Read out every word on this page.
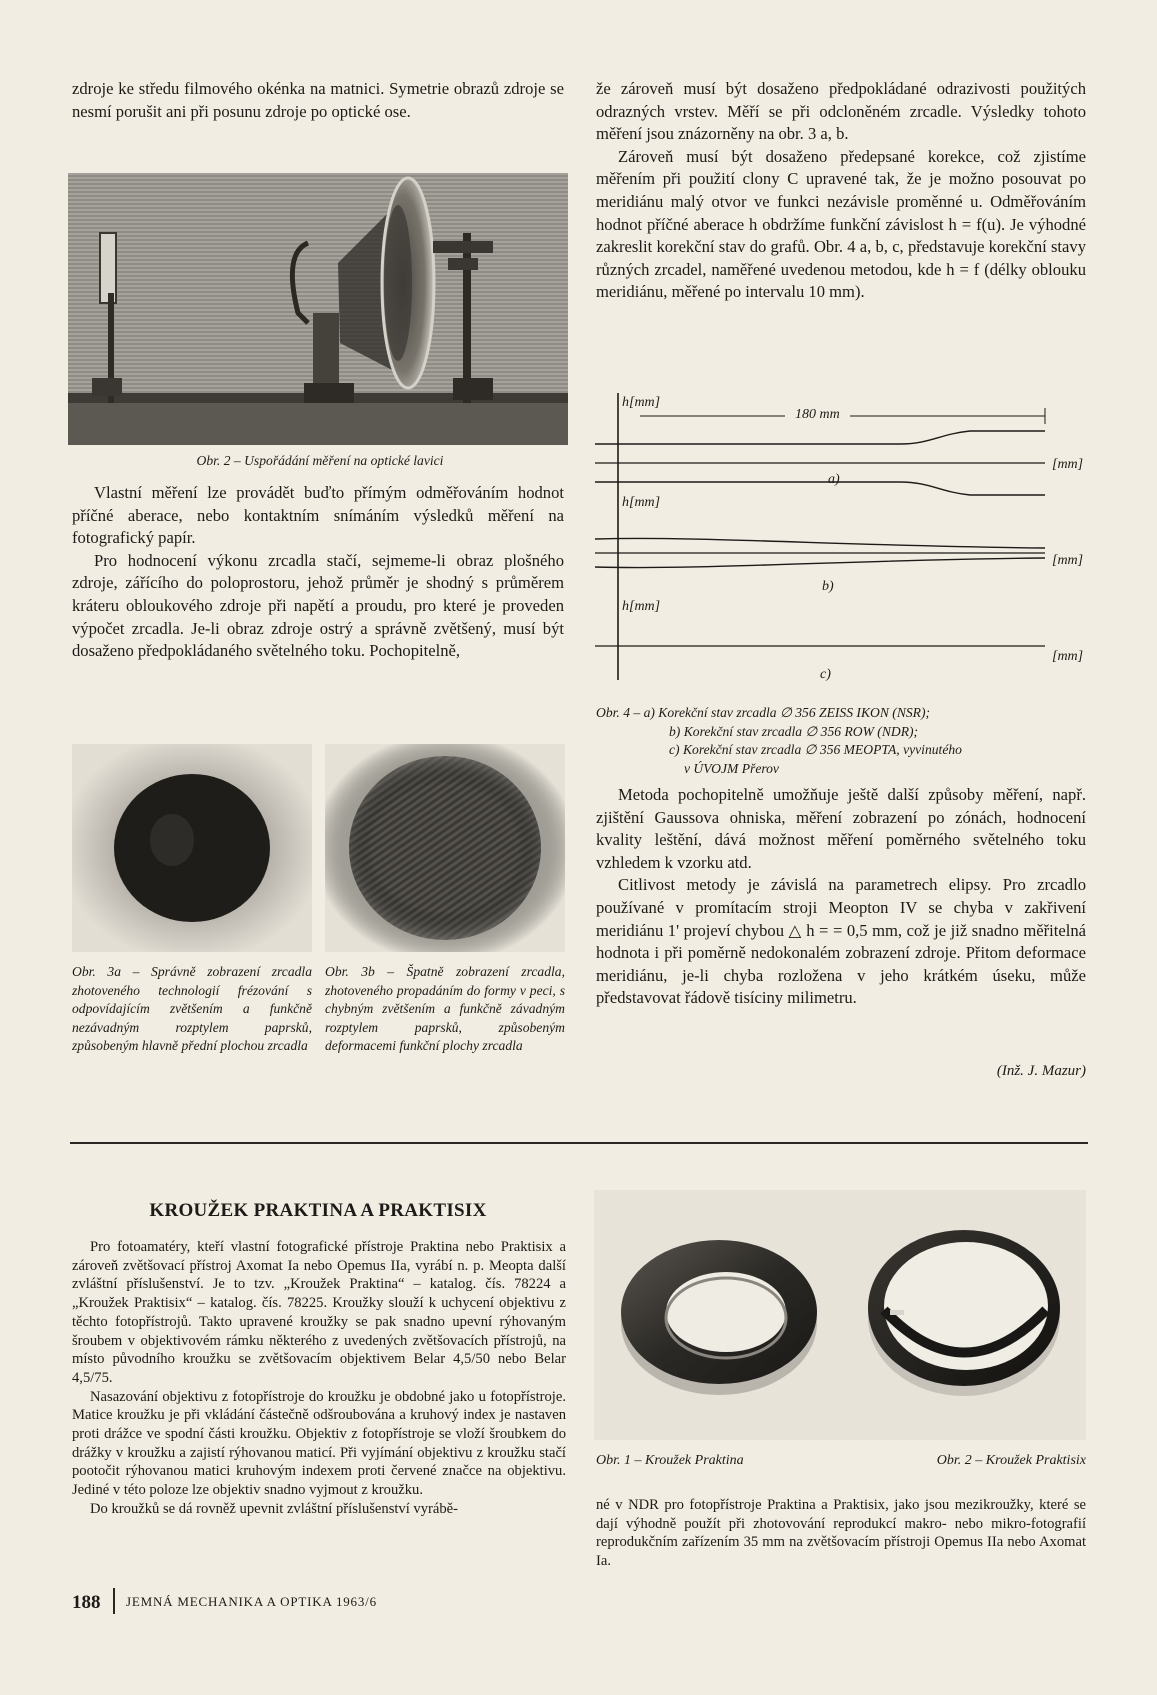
zdroje ke středu filmového okénka na matnici. Symetrie obrazů zdroje se nesmí porušit ani při posunu zdroje po optické ose.

Obr. 2 – Uspořádání měření na optické lavici

Vlastní měření lze provádět buďto přímým odměřováním hodnot příčné aberace, nebo kontaktním snímáním výsledků měření na fotografický papír.

Pro hodnocení výkonu zrcadla stačí, sejmeme-li obraz plošného zdroje, zářícího do poloprostoru, jehož průměr je shodný s průměrem kráteru obloukového zdroje při napětí a proudu, pro které je proveden výpočet zrcadla. Je-li obraz zdroje ostrý a správně zvětšený, musí být dosaženo předpokládaného světelného toku. Pochopitelně,

Obr. 3a – Správně zobrazení zrcadla zhotoveného technologií frézování s odpovídajícím zvětšením a funkčně nezávadným rozptylem paprsků, způsobeným hlavně přední plochou zrcadla
Obr. 3b – Špatně zobrazení zrcadla, zhotoveného propadáním do formy v peci, s chybným zvětšením a funkčně závadným rozptylem paprsků, způsobeným deformacemi funkční plochy zrcadla

že zároveň musí být dosaženo předpokládané odrazivosti použitých odrazných vrstev. Měří se při odcloněném zrcadle. Výsledky tohoto měření jsou znázorněny na obr. 3 a, b.

Zároveň musí být dosaženo předepsané korekce, což zjistíme měřením při použití clony C upravené tak, že je možno posouvat po meridiánu malý otvor ve funkci nezávisle proměnné u. Odměřováním hodnot příčné aberace h obdržíme funkční závislost h = f(u). Je výhodné zakreslit korekční stav do grafů. Obr. 4 a, b, c, představuje korekční stavy různých zrcadel, naměřené uvedenou metodou, kde h = f (délky oblouku meridiánu, měřené po intervalu 10 mm).

h[mm]
180 mm
[mm]
a)
h[mm]
[mm]
b)
h[mm]
[mm]
c)
Obr. 4 – a) Korekční stav zrcadla ∅ 356 ZEISS IKON (NSR);
b) Korekční stav zrcadla ∅ 356 ROW (NDR);
c) Korekční stav zrcadla ∅ 356 MEOPTA, vyvinutého
v ÚVOJM Přerov

Metoda pochopitelně umožňuje ještě další způsoby měření, např. zjištění Gaussova ohniska, měření zobrazení po zónách, hodnocení kvality leštění, dává možnost měření poměrného světelného toku vzhledem k vzorku atd.

Citlivost metody je závislá na parametrech elipsy. Pro zrcadlo používané v promítacím stroji Meopton IV se chyba v zakřivení meridiánu 1' projeví chybou △ h = = 0,5 mm, což je již snadno měřitelná hodnota i při poměrně nedokonalém zobrazení zdroje. Přitom deformace meridiánu, je-li chyba rozložena v jeho krátkém úseku, může představovat řádově tisíciny milimetru.

(Inž. J. Mazur)
KROUŽEK PRAKTINA A PRAKTISIX

Pro fotoamatéry, kteří vlastní fotografické přístroje Praktina nebo Praktisix a zároveň zvětšovací přístroj Axomat Ia nebo Opemus IIa, vyrábí n. p. Meopta další zvláštní příslušenství. Je to tzv. „Kroužek Praktina“ – katalog. čís. 78224 a „Kroužek Praktisix“ – katalog. čís. 78225. Kroužky slouží k uchycení objektivu z těchto fotopřístrojů. Takto upravené kroužky se pak snadno upevní rýhovaným šroubem v objektivovém rámku některého z uvedených zvětšovacích přístrojů, na místo původního kroužku se zvětšovacím objektivem Belar 4,5/50 nebo Belar 4,5/75.

Nasazování objektivu z fotopřístroje do kroužku je obdobné jako u fotopřístroje. Matice kroužku je při vkládání částečně odšroubována a kruhový index je nastaven proti drážce ve spodní části kroužku. Objektiv z fotopřístroje se vloží šroubkem do drážky v kroužku a zajistí rýhovanou maticí. Při vyjímání objektivu z kroužku stačí pootočit rýhovanou matici kruhovým indexem proti červené značce na objektivu. Jediné v této poloze lze objektiv snadno vyjmout z kroužku.

Do kroužků se dá rovněž upevnit zvláštní příslušenství vyrábě-

Obr. 1 – Kroužek Praktina	Obr. 2 – Kroužek Praktisix

né v NDR pro fotopřístroje Praktina a Praktisix, jako jsou mezikroužky, které se dají výhodně použít při zhotovování reprodukcí makro- nebo mikro-fotografií reprodukčním zařízením 35 mm na zvětšovacím přístroji Opemus IIa nebo Axomat Ia.

188 JEMNÁ MECHANIKA A OPTIKA 1963/6
